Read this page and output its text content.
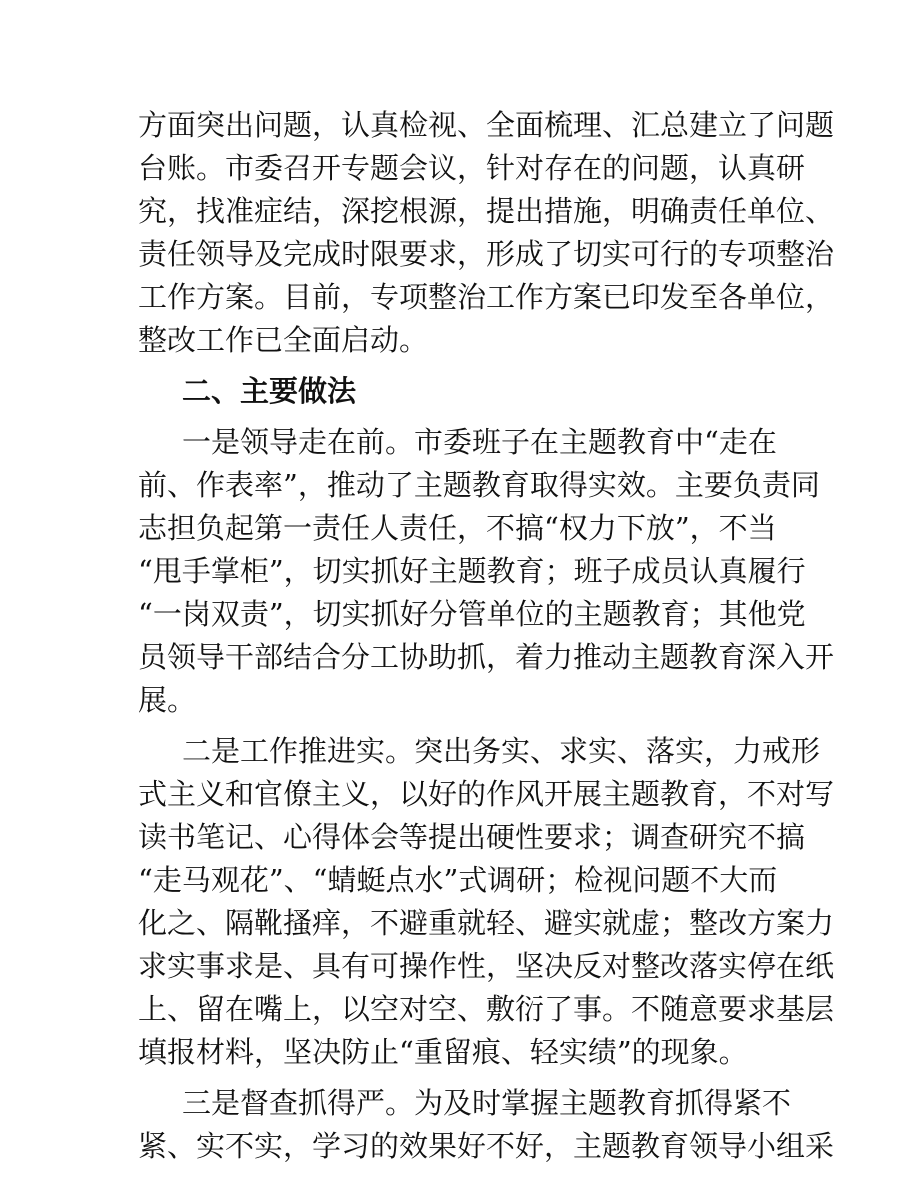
方面突出问题，认真检视、全面梳理、汇总建立了问题
台账。市委召开专题会议，针对存在的问题，认真研
究，找准症结，深挖根源，提出措施，明确责任单位、
责任领导及完成时限要求，形成了切实可行的专项整治
工作方案。目前，专项整治工作方案已印发至各单位，
整改工作已全面启动。
二、主要做法
一是领导走在前。市委班子在主题教育中“走在
前、作表率”，推动了主题教育取得实效。主要负责同
志担负起第一责任人责任，不搞“权力下放”，不当
“甩手掌柜”，切实抓好主题教育；班子成员认真履行
“一岗双责”，切实抓好分管单位的主题教育；其他党
员领导干部结合分工协助抓，着力推动主题教育深入开
展。
二是工作推进实。突出务实、求实、落实，力戒形
式主义和官僚主义，以好的作风开展主题教育，不对写
读书笔记、心得体会等提出硬性要求；调查研究不搞
“走马观花”、“蜻蜓点水”式调研；检视问题不大而
化之、隔靴搔痒，不避重就轻、避实就虚；整改方案力
求实事求是、具有可操作性，坚决反对整改落实停在纸
上、留在嘴上，以空对空、敷衍了事。不随意要求基层
填报材料，坚决防止“重留痕、轻实绩”的现象。
三是督查抓得严。为及时掌握主题教育抓得紧不
紧、实不实，学习的效果好不好，主题教育领导小组采
